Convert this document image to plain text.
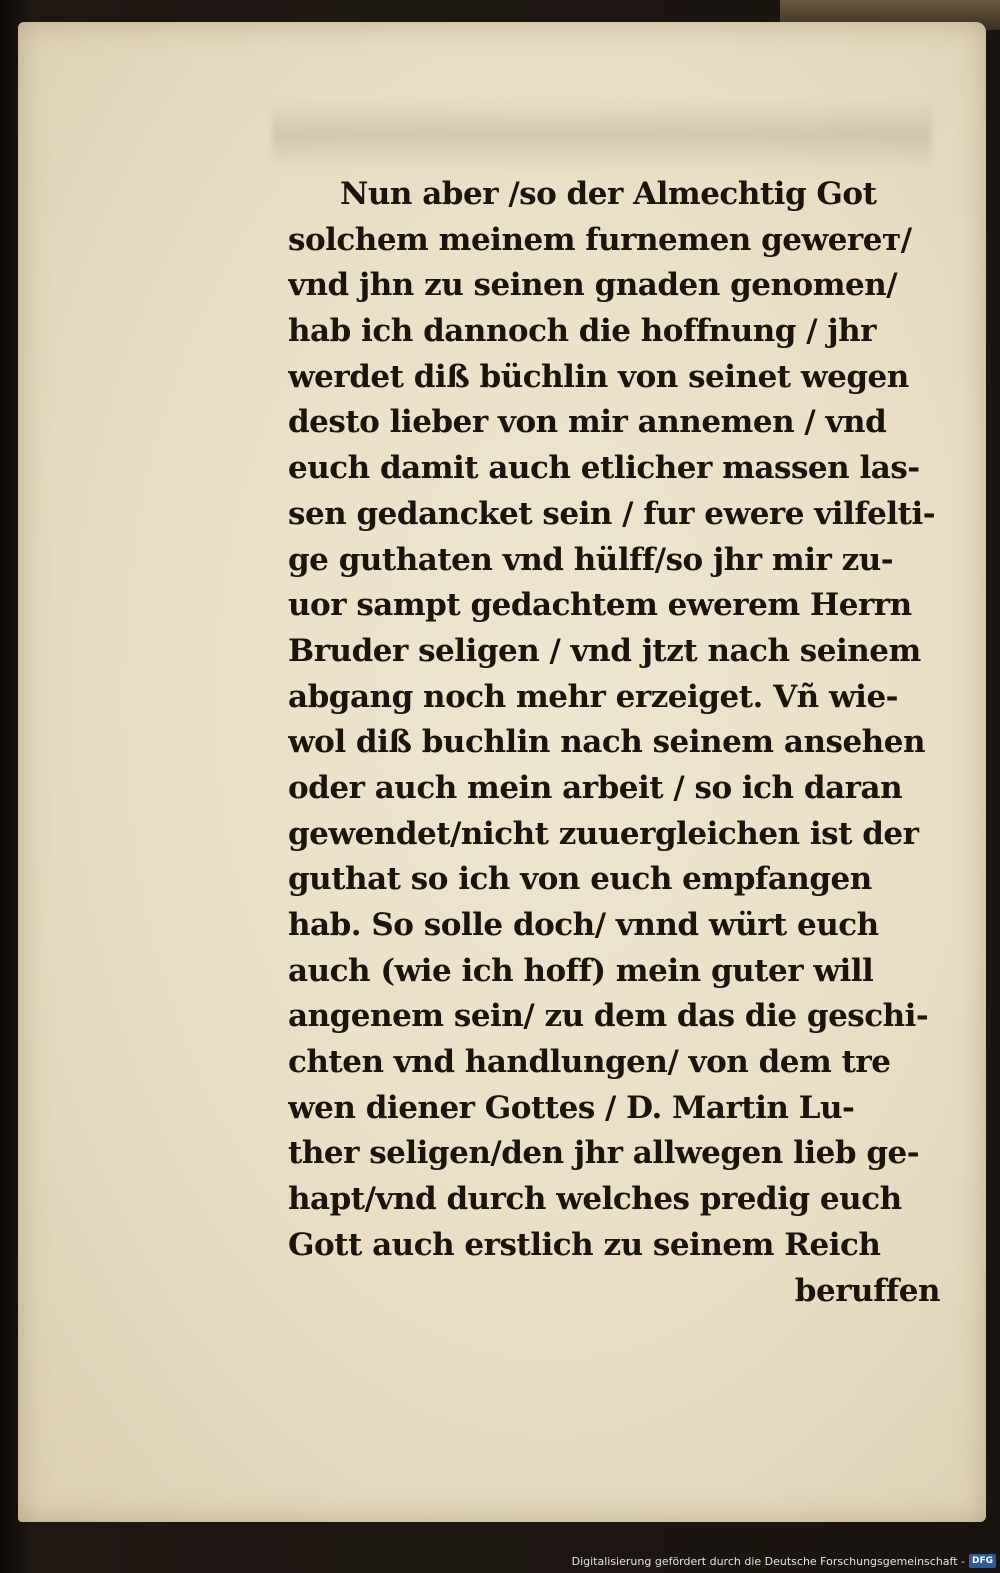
Nun aber /so der Almechtig Got
solchem meinem furnemen gewerет/
vnd jhn zu seinen gnaden genomen/
hab ich dannoch die hoffnung / jhr
werdet diß büchlin von seinet wegen
desto lieber von mir annemen / vnd
euch damit auch etlicher massen las-
sen gedancket sein / fur ewere vilfelti-
ge guthaten vnd hülff/so jhr mir zu-
uor sampt gedachtem ewerem Herrn
Bruder seligen / vnd jtzt nach seinem
abgang noch mehr erzeiget. Vñ wie-
wol diß buchlin nach seinem ansehen
oder auch mein arbeit / so ich daran
gewendet/nicht zuuergleichen ist der
guthat so ich von euch empfangen
hab. So solle doch/ vnnd würt euch
auch (wie ich hoff) mein guter will
angenem sein/ zu dem das die geschi-
chten vnd handlungen/ von dem tre
wen diener Gottes / D. Martin Lu-
ther seligen/den jhr allwegen lieb ge-
hapt/vnd durch welches predig euch
Gott auch erstlich zu seinem Reich
beruffen
Digitalisierung gefördert durch die Deutsche Forschungsgemeinschaft - DFG
